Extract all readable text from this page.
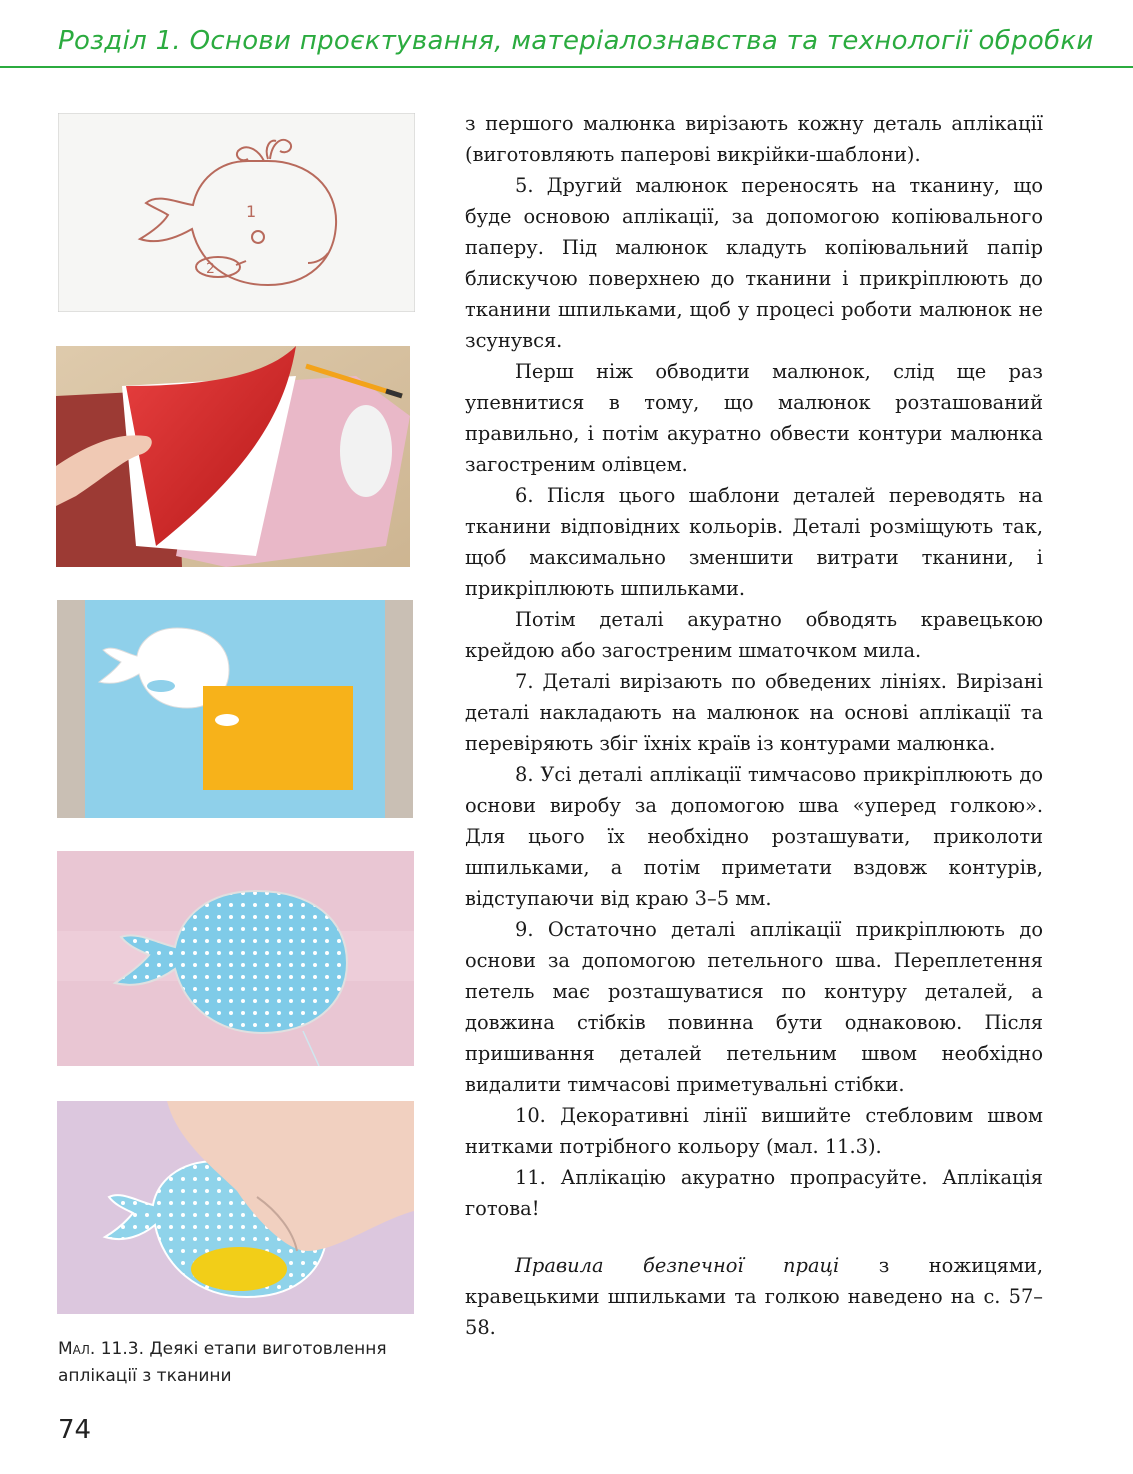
Розділ 1. Основи проєктування, матеріалознавства та технології обробки
1
2
Мал. 11.3. Деякі етапи виготовлення аплікації з тканини
74

з першого малюнка вирізають кожну деталь аплікації (виготовляють паперові викрійки-шаблони).

5. Другий малюнок переносять на тканину, що буде основою аплікації, за допомогою копіювального паперу. Під малюнок кладуть копіювальний папір блискучою поверхнею до тканини і прикріплюють до тканини шпильками, щоб у процесі роботи малюнок не зсунувся.

Перш ніж обводити малюнок, слід ще раз упевнитися в тому, що малюнок розташований правильно, і потім акуратно обвести контури малюнка загостреним олівцем.

6. Після цього шаблони деталей переводять на тканини відповідних кольорів. Деталі розміщують так, щоб максимально зменшити витрати тканини, і прикріплюють шпильками.

Потім деталі акуратно обводять кравецькою крейдою або загостреним шматочком мила.

7. Деталі вирізають по обведених лініях. Вирізані деталі накладають на малюнок на основі аплікації та перевіряють збіг їхніх країв із контурами малюнка.

8. Усі деталі аплікації тимчасово прикріплюють до основи виробу за допомогою шва «уперед голкою». Для цього їх необхідно розташувати, приколоти шпильками, а потім приметати вздовж контурів, відступаючи від краю 3–5 мм.

9. Остаточно деталі аплікації прикріплюють до основи за допомогою петельного шва. Переплетення петель має розташуватися по контуру деталей, а довжина стібків повинна бути однаковою. Після пришивання деталей петельним швом необхідно видалити тимчасові приметувальні стібки.

10. Декоративні лінії вишийте стебловим швом нитками потрібного кольору (мал. 11.3).

11. Аплікацію акуратно пропрасуйте. Аплікація готова!

Правила безпечної праці з ножицями, кравецькими шпильками та голкою наведено на с. 57–58.
